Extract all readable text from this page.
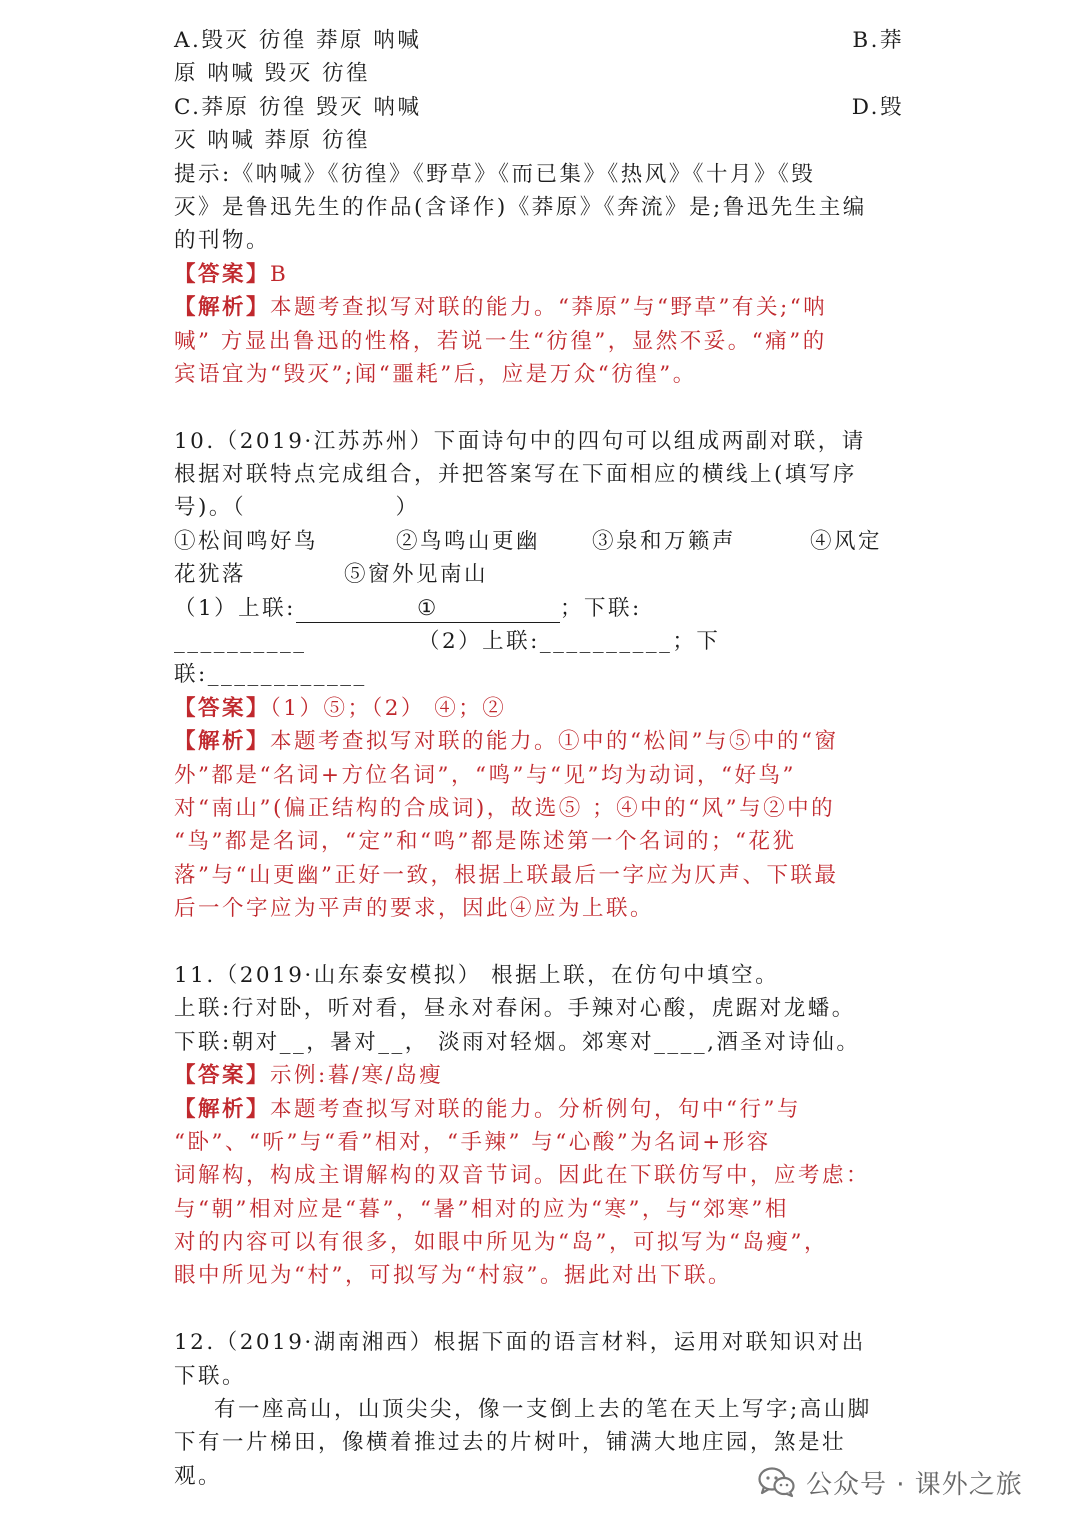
A.毁灭 彷徨 莽原 呐喊	B.莽
原 呐喊 毁灭 彷徨
C.莽原 彷徨 毁灭 呐喊	D.毁
灭 呐喊 莽原 彷徨
提示:《呐喊》《彷徨》《野草》《而已集》《热风》《十月》《毁
灭》是鲁迅先生的作品(含译作)《莽原》《奔流》是;鲁迅先生主编
的刊物。
【答案】B
【解析】本题考查拟写对联的能力。“莽原”与“野草”有关;“呐
喊” 方显出鲁迅的性格，若说一生“彷徨”，显然不妥。“痛”的
宾语宜为“毁灭”;闻“噩耗”后，应是万众“彷徨”。
10.（2019·江苏苏州）下面诗句中的四句可以组成两副对联，请
根据对联特点完成组合，并把答案写在下面相应的横线上(填写序
号)。（                ）
①松间鸣好鸟	②鸟鸣山更幽 ③泉和万籁声	④风定
花犹落	⑤窗外见南山
（1）上联:	①	；下联:
__________	（2）上联:__________；下
联:____________
【答案】（1）⑤；（2） ④；②
【解析】本题考查拟写对联的能力。①中的“松间”与⑤中的“窗
外”都是“名词+方位名词”，“鸣”与“见”均为动词，“好鸟”
对“南山”(偏正结构的合成词)，故选⑤ ；④中的“风”与②中的
“鸟”都是名词，“定”和“鸣”都是陈述第一个名词的；“花犹
落”与“山更幽”正好一致，根据上联最后一字应为仄声、下联最
后一个字应为平声的要求，因此④应为上联。
11.（2019·山东泰安模拟） 根据上联，在仿句中填空。
上联:行对卧，听对看，昼永对春闲。手辣对心酸，虎踞对龙蟠。
下联:朝对__，暑对__， 淡雨对轻烟。郊寒对____,酒圣对诗仙。
【答案】示例:暮/寒/岛瘦
【解析】本题考查拟写对联的能力。分析例句，句中“行”与
“卧”、“听”与“看”相对，“手辣” 与“心酸”为名词+形容
词解构，构成主谓解构的双音节词。因此在下联仿写中，应考虑：
与“朝”相对应是“暮”，“暑”相对的应为“寒”，与“郊寒”相
对的内容可以有很多，如眼中所见为“岛”，可拟写为“岛瘦”，
眼中所见为“村”，可拟写为“村寂”。据此对出下联。
12.（2019·湖南湘西）根据下面的语言材料，运用对联知识对出
下联。
有一座高山，山顶尖尖，像一支倒上去的笔在天上写字;高山脚
下有一片梯田，像横着推过去的片树叶，铺满大地庄园，煞是壮
观。	公众号 · 课外之旅
